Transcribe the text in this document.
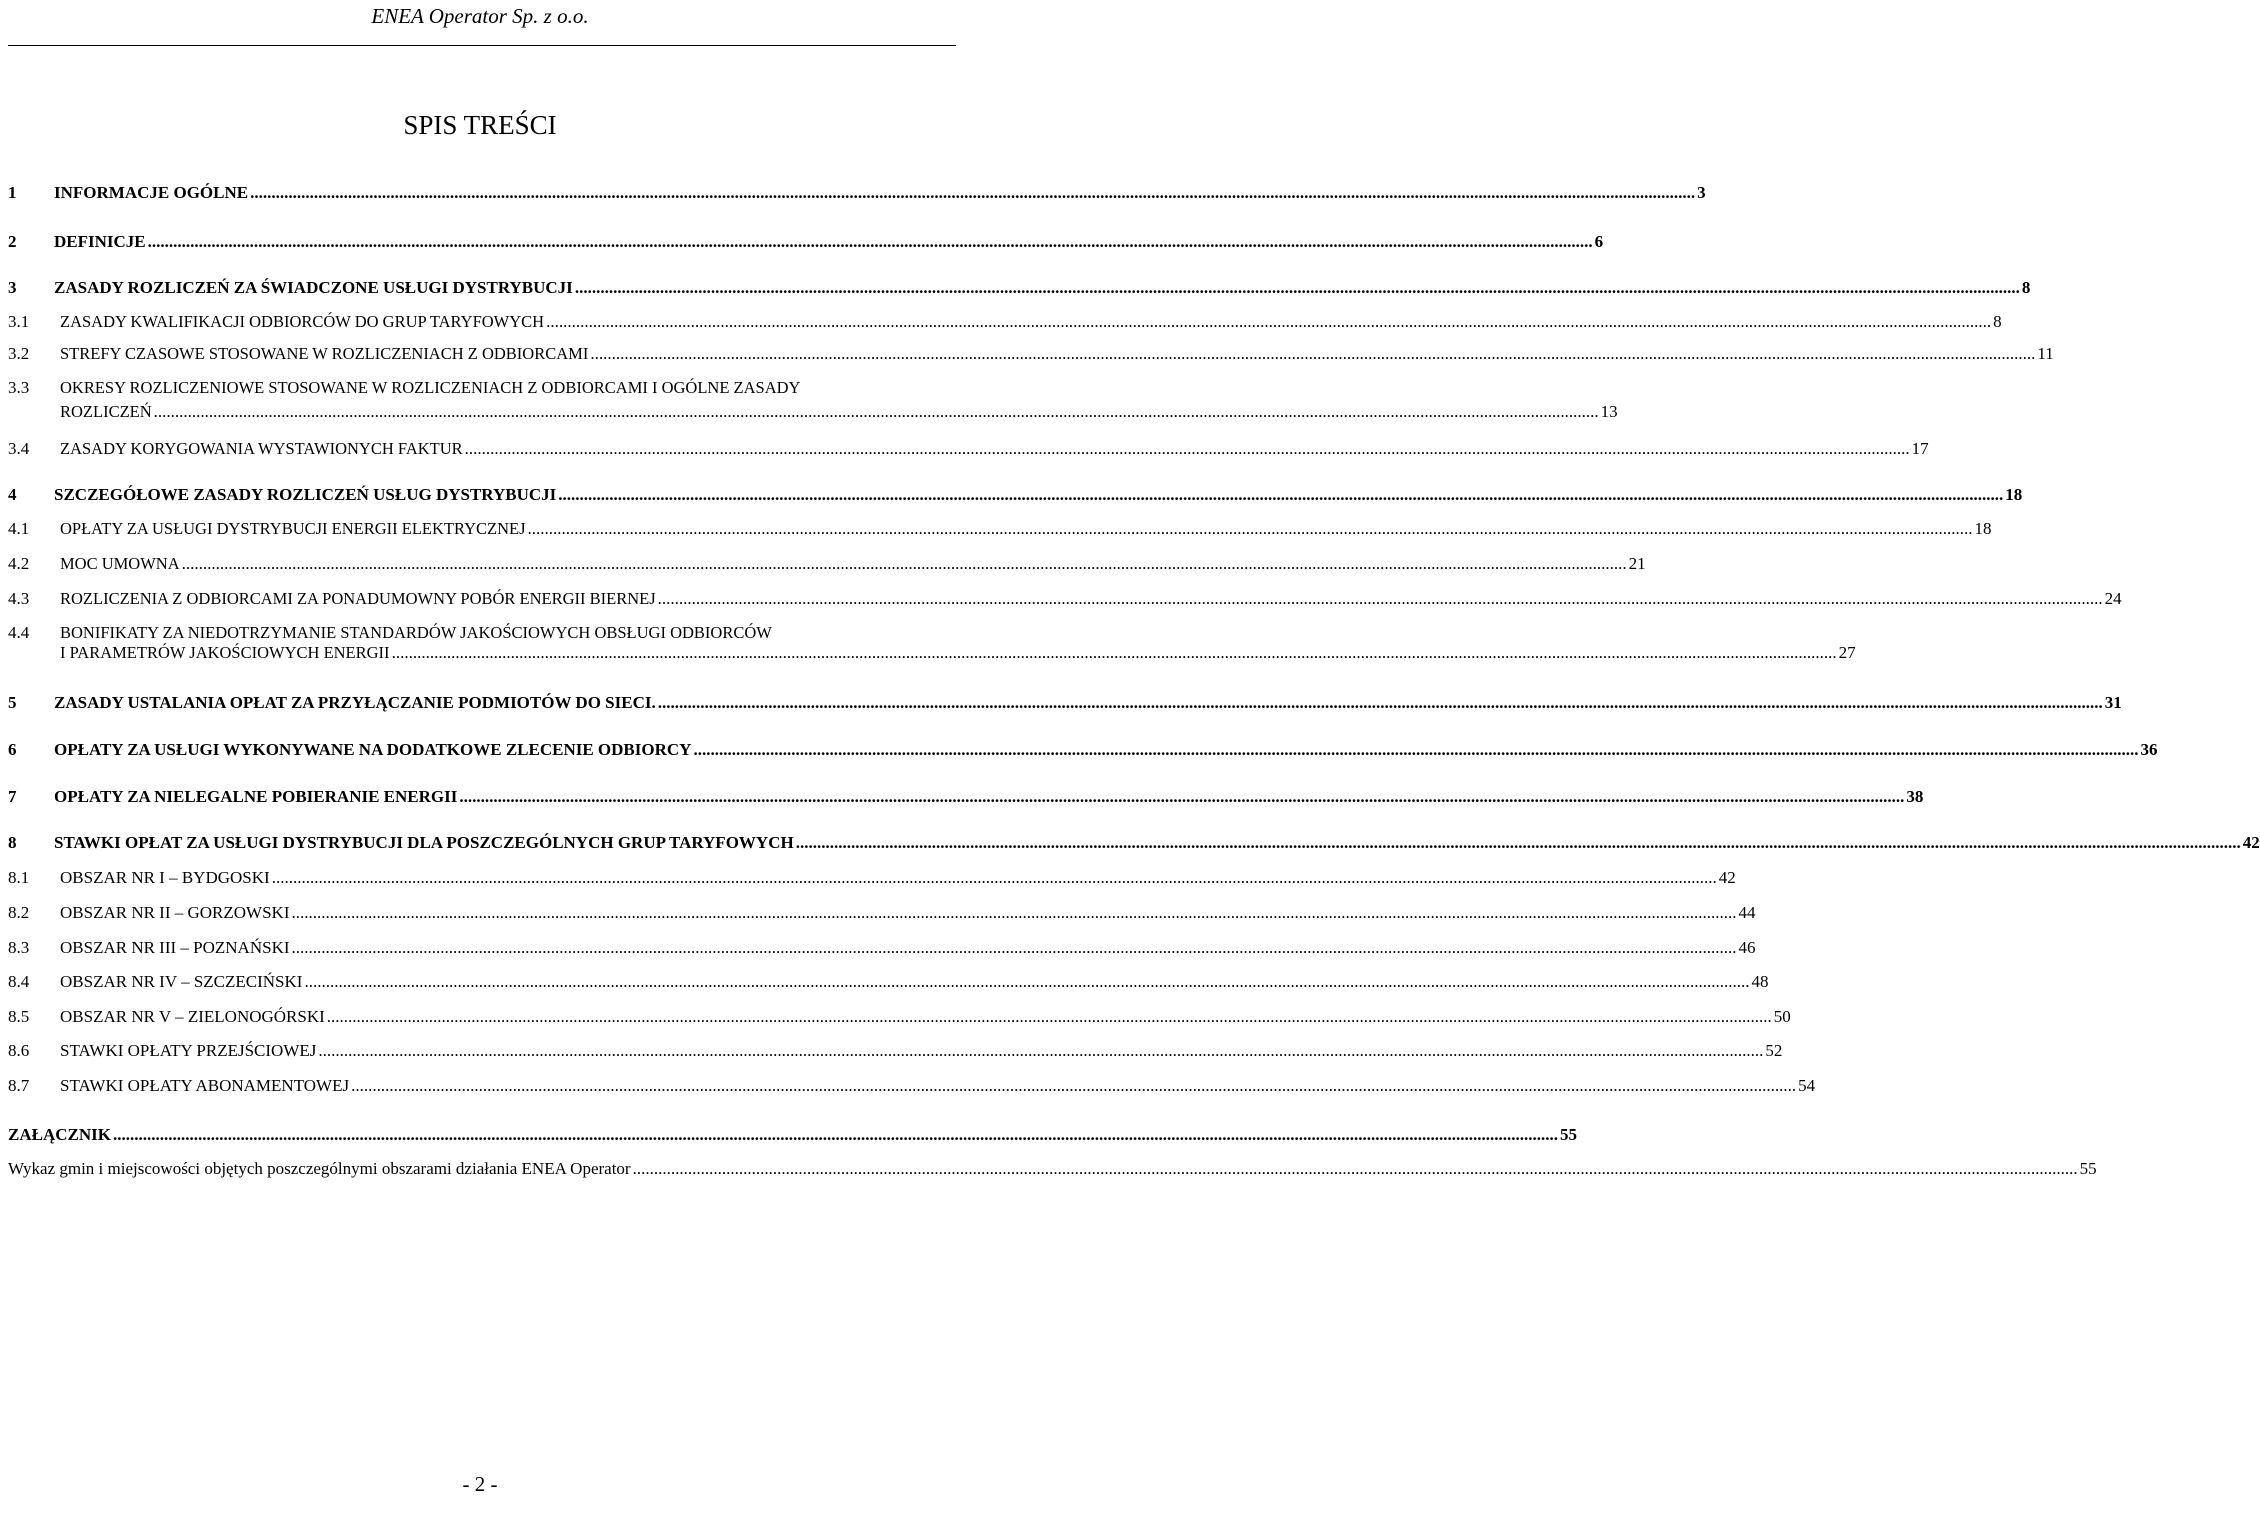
ENEA Operator Sp. z o.o.
SPIS TREŚCI
1	INFORMACJE OGÓLNE .....	3
2	DEFINICJE .....	6
3	ZASADY ROZLICZEŃ ZA ŚWIADCZONE USŁUGI DYSTRYBUCJI .....	8
3.1	ZASADY KWALIFIKACJI ODBIORCÓW DO GRUP TARYFOWYCH .....	8
3.2	STREFY CZASOWE STOSOWANE W ROZLICZENIACH Z ODBIORCAMI .....	11
3.3	OKRESY ROZLICZENIOWE STOSOWANE W ROZLICZENIACH Z ODBIORCAMI I OGÓLNE ZASADY
ROZLICZEŃ .....	13
3.4	ZASADY KORYGOWANIA WYSTAWIONYCH FAKTUR .....	17
4	SZCZEGÓŁOWE ZASADY ROZLICZEŃ USŁUG DYSTRYBUCJI .....	18
4.1	OPŁATY ZA USŁUGI DYSTRYBUCJI ENERGII ELEKTRYCZNEJ .....	18
4.2	MOC UMOWNA .....	21
4.3	ROZLICZENIA Z ODBIORCAMI ZA PONADUMOWNY POBÓR ENERGII BIERNEJ .....	24
4.4	BONIFIKATY ZA NIEDOTRZYMANIE STANDARDÓW JAKOŚCIOWYCH OBSŁUGI ODBIORCÓW
I PARAMETRÓW JAKOŚCIOWYCH ENERGII .....	27
5	ZASADY USTALANIA OPŁAT ZA PRZYŁĄCZANIE PODMIOTÓW DO SIECI. .....	31
6	OPŁATY ZA USŁUGI WYKONYWANE NA DODATKOWE ZLECENIE ODBIORCY .....	36
7	OPŁATY ZA NIELEGALNE POBIERANIE ENERGII .....	38
8	STAWKI OPŁAT ZA USŁUGI DYSTRYBUCJI DLA POSZCZEGÓLNYCH GRUP TARYFOWYCH .....	42
8.1	OBSZAR NR I – BYDGOSKI .....	42
8.2	OBSZAR NR II – GORZOWSKI .....	44
8.3	OBSZAR NR III – POZNAŃSKI .....	46
8.4	OBSZAR NR IV – SZCZECIŃSKI .....	48
8.5	OBSZAR NR V – ZIELONOGÓRSKI .....	50
8.6	STAWKI OPŁATY PRZEJŚCIOWEJ .....	52
8.7	STAWKI OPŁATY ABONAMENTOWEJ .....	54
ZAŁĄCZNIK .....	55
Wykaz gmin i miejscowości objętych poszczególnymi obszarami działania ENEA Operator .....	55
- 2 -
